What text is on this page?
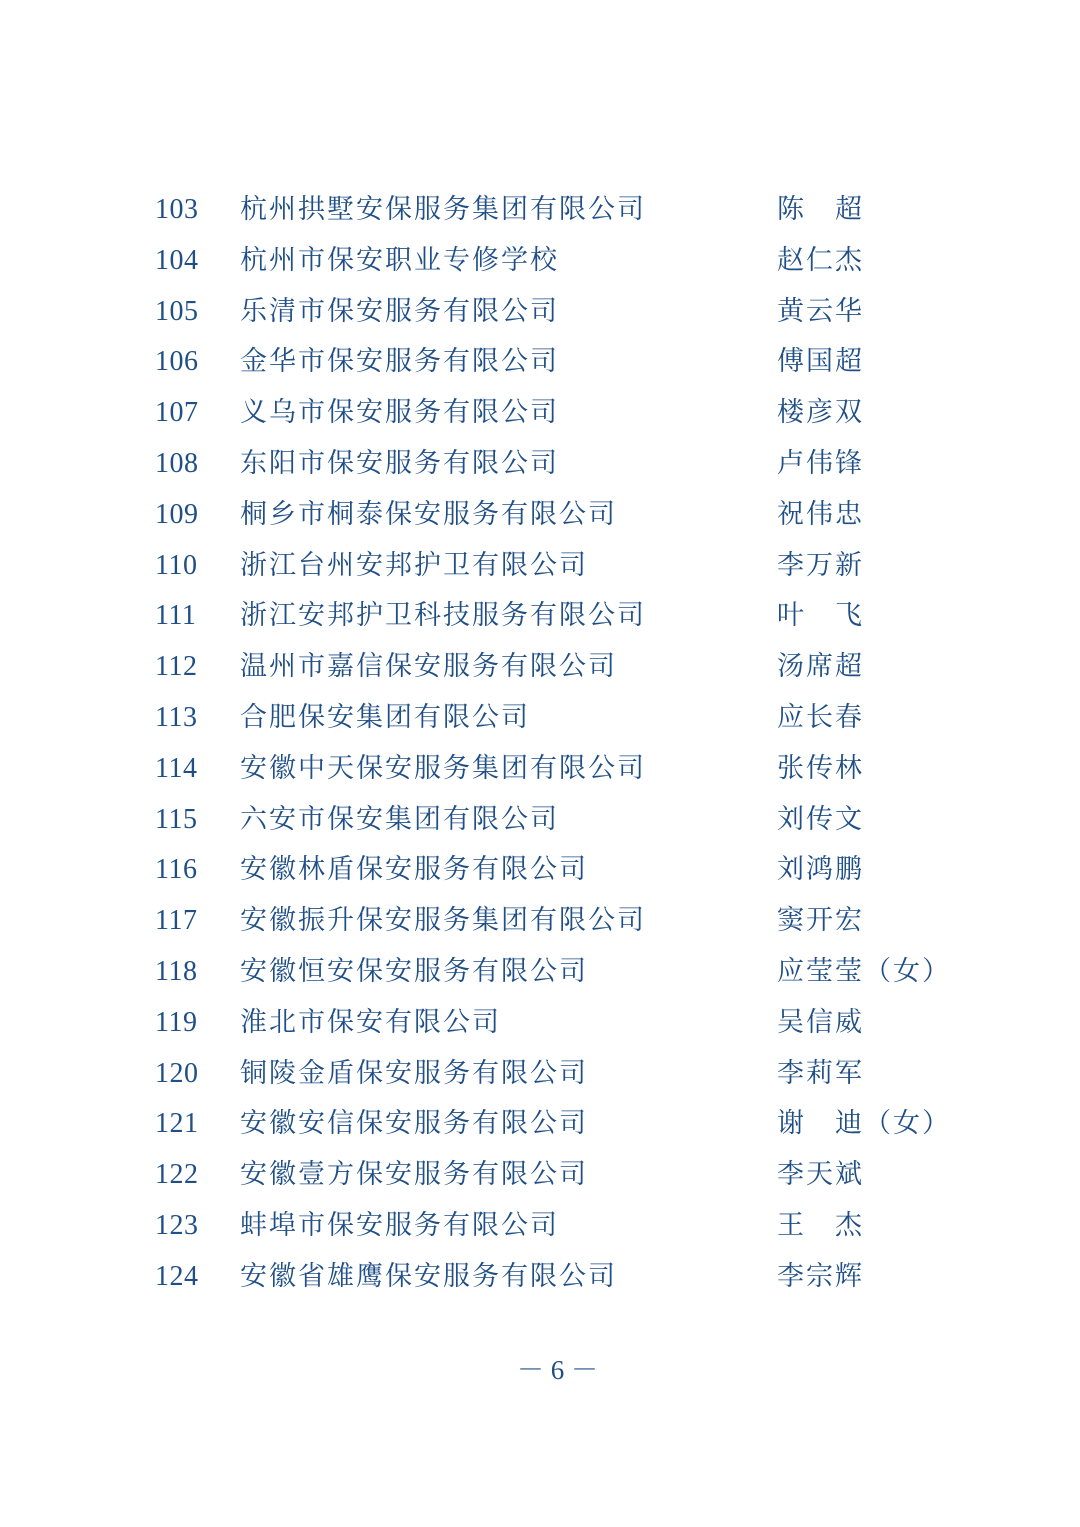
103 杭州拱墅安保服务集团有限公司	陈　超
104 杭州市保安职业专修学校	赵仁杰
105 乐清市保安服务有限公司	黄云华
106 金华市保安服务有限公司	傅国超
107 义乌市保安服务有限公司	楼彦双
108 东阳市保安服务有限公司	卢伟锋
109 桐乡市桐泰保安服务有限公司	祝伟忠
110 浙江台州安邦护卫有限公司	李万新
111 浙江安邦护卫科技服务有限公司	叶　飞
112 温州市嘉信保安服务有限公司	汤席超
113 合肥保安集团有限公司	应长春
114 安徽中天保安服务集团有限公司	张传林
115 六安市保安集团有限公司	刘传文
116 安徽林盾保安服务有限公司	刘鸿鹏
117 安徽振升保安服务集团有限公司	窦开宏
118 安徽恒安保安服务有限公司	应莹莹（女）
119 淮北市保安有限公司	吴信威
120 铜陵金盾保安服务有限公司	李莉军
121 安徽安信保安服务有限公司	谢　迪（女）
122 安徽壹方保安服务有限公司	李天斌
123 蚌埠市保安服务有限公司	王　杰
124 安徽省雄鹰保安服务有限公司	李宗辉
－ 6 －
